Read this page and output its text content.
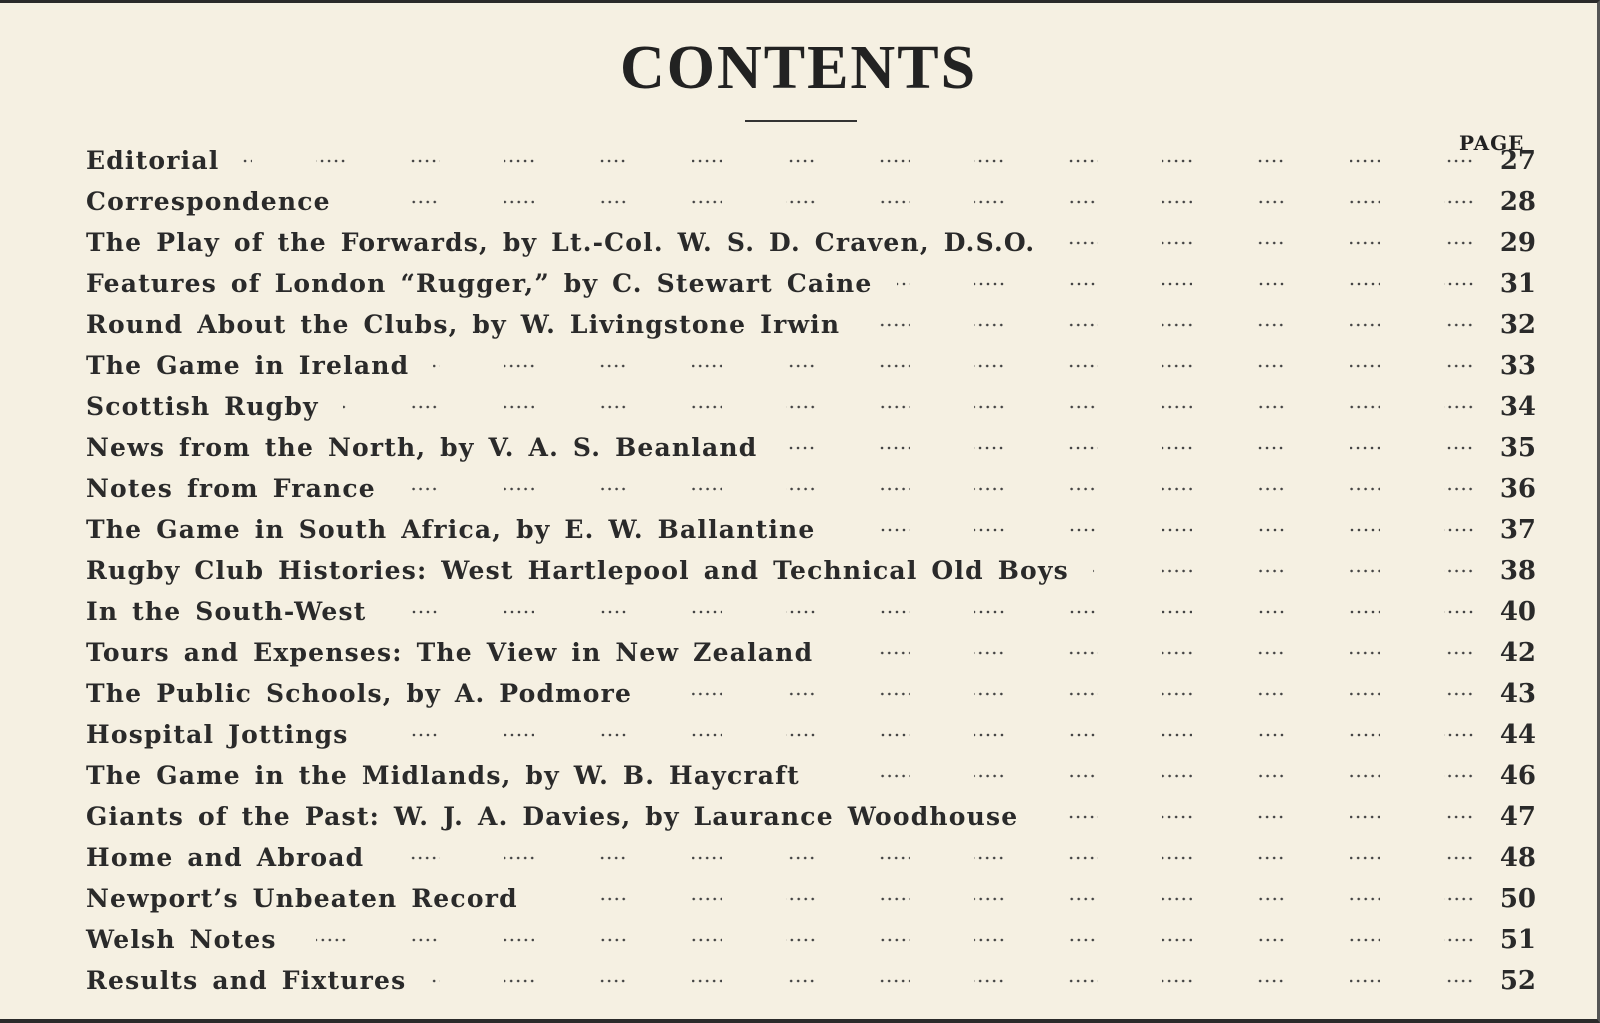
CONTENTS
PAGE
Editorial	27
Correspondence	28
The Play of the Forwards, by Lt.-Col. W. S. D. Craven, D.S.O.	29
Features of London “Rugger,” by C. Stewart Caine	31
Round About the Clubs, by W. Livingstone Irwin	32
The Game in Ireland	33
Scottish Rugby	34
News from the North, by V. A. S. Beanland	35
Notes from France	36
The Game in South Africa, by E. W. Ballantine	37
Rugby Club Histories: West Hartlepool and Technical Old Boys	38
In the South-West	40
Tours and Expenses: The View in New Zealand	42
The Public Schools, by A. Podmore	43
Hospital Jottings	44
The Game in the Midlands, by W. B. Haycraft	46
Giants of the Past: W. J. A. Davies, by Laurance Woodhouse	47
Home and Abroad	48
Newport’s Unbeaten Record	50
Welsh Notes	51
Results and Fixtures	52
